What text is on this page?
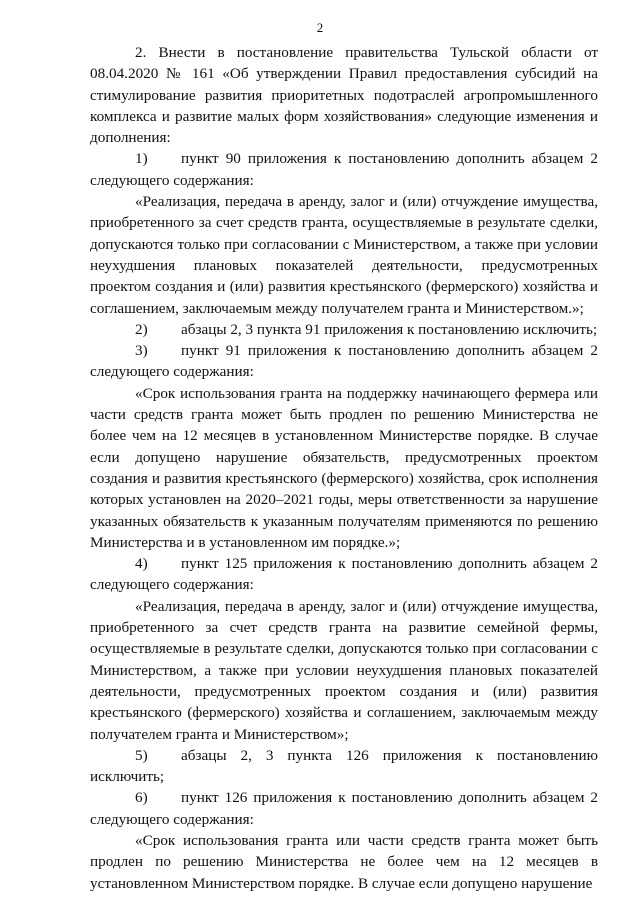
2

2. Внести в постановление правительства Тульской области от 08.04.2020 № 161 «Об утверждении Правил предоставления субсидий на стимулирование развития приоритетных подотраслей агропромышленного комплекса и развитие малых форм хозяйствования» следующие изменения и дополнения:

1) пункт 90 приложения к постановлению дополнить абзацем 2 следующего содержания:

«Реализация, передача в аренду, залог и (или) отчуждение имущества, приобретенного за счет средств гранта, осуществляемые в результате сделки, допускаются только при согласовании с Министерством, а также при условии неухудшения плановых показателей деятельности, предусмотренных проектом создания и (или) развития крестьянского (фермерского) хозяйства и соглашением, заключаемым между получателем гранта и Министерством.»;

2) абзацы 2, 3 пункта 91 приложения к постановлению исключить;

3) пункт 91 приложения к постановлению дополнить абзацем 2 следующего содержания:

«Срок использования гранта на поддержку начинающего фермера или части средств гранта может быть продлен по решению Министерства не более чем на 12 месяцев в установленном Министерстве порядке. В случае если допущено нарушение обязательств, предусмотренных проектом создания и развития крестьянского (фермерского) хозяйства, срок исполнения которых установлен на 2020–2021 годы, меры ответственности за нарушение указанных обязательств к указанным получателям применяются по решению Министерства и в установленном им порядке.»;

4) пункт 125 приложения к постановлению дополнить абзацем 2 следующего содержания:

«Реализация, передача в аренду, залог и (или) отчуждение имущества, приобретенного за счет средств гранта на развитие семейной фермы, осуществляемые в результате сделки, допускаются только при согласовании с Министерством, а также при условии неухудшения плановых показателей деятельности, предусмотренных проектом создания и (или) развития крестьянского (фермерского) хозяйства и соглашением, заключаемым между получателем гранта и Министерством»;

5) абзацы 2, 3 пункта 126 приложения к постановлению исключить;

6) пункт 126 приложения к постановлению дополнить абзацем 2 следующего содержания:

«Срок использования гранта или части средств гранта может быть продлен по решению Министерства не более чем на 12 месяцев в установленном Министерством порядке. В случае если допущено нарушение
